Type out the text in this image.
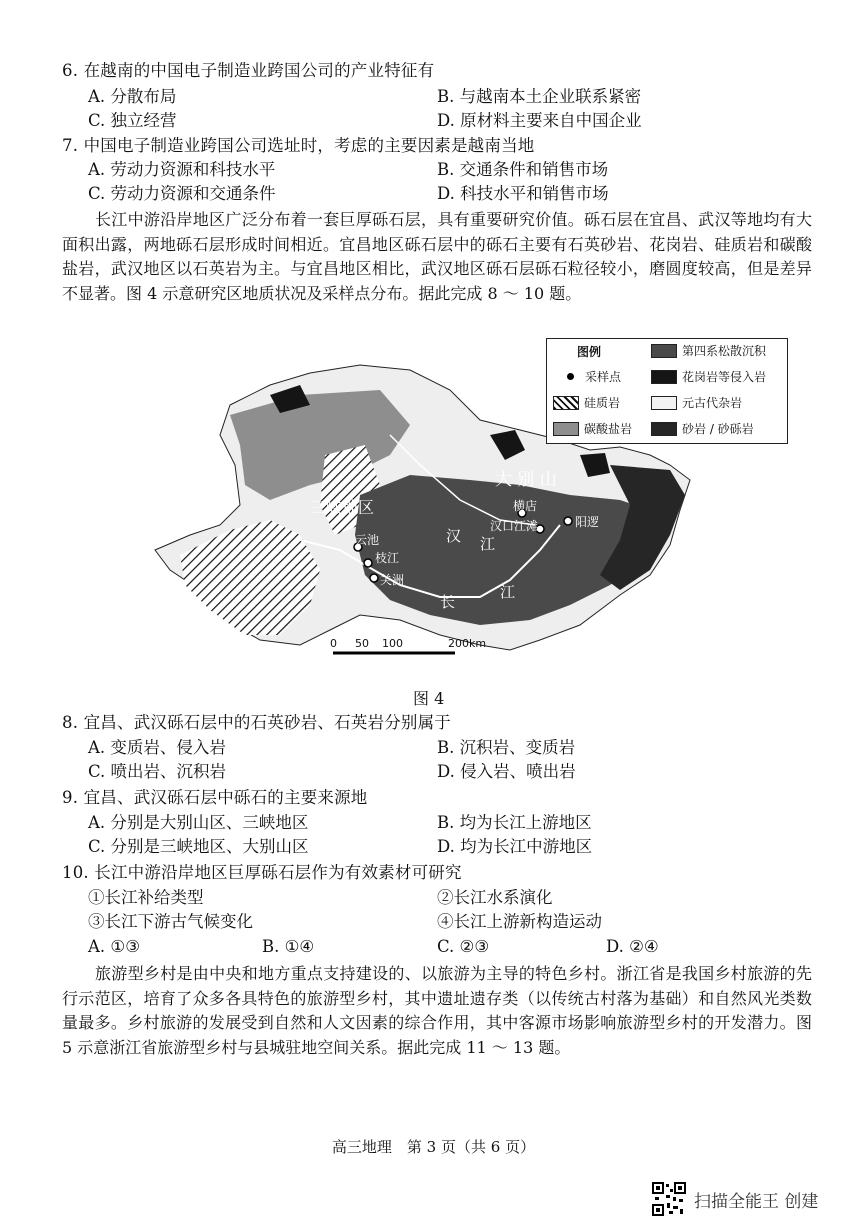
6. 在越南的中国电子制造业跨国公司的产业特征有
A. 分散布局	B. 与越南本土企业联系紧密
C. 独立经营	D. 原材料主要来自中国企业
7. 中国电子制造业跨国公司选址时，考虑的主要因素是越南当地
A. 劳动力资源和科技水平	B. 交通条件和销售市场
C. 劳动力资源和交通条件	D. 科技水平和销售市场
长江中游沿岸地区广泛分布着一套巨厚砾石层，具有重要研究价值。砾石层在宜昌、武汉等地均有大面积出露，两地砾石层形成时间相近。宜昌地区砾石层中的砾石主要有石英砂岩、花岗岩、硅质岩和碳酸盐岩，武汉地区以石英岩为主。与宜昌地区相比，武汉地区砾石层砾石粒径较小，磨圆度较高，但是差异不显著。图 4 示意研究区地质状况及采样点分布。据此完成 8 ～ 10 题。
大 别 山
三峡地区	横店
汉口江滩	阳逻
汉 江
云池
枝江
关洲
长
江
0 50 100	200km
图例	第四系松散沉积
采样点	花岗岩等侵入岩
硅质岩	元古代杂岩
碳酸盐岩	砂岩 / 砂砾岩
图 4
8. 宜昌、武汉砾石层中的石英砂岩、石英岩分别属于
A. 变质岩、侵入岩	B. 沉积岩、变质岩
C. 喷出岩、沉积岩	D. 侵入岩、喷出岩
9. 宜昌、武汉砾石层中砾石的主要来源地
A. 分别是大别山区、三峡地区	B. 均为长江上游地区
C. 分别是三峡地区、大别山区	D. 均为长江中游地区
10. 长江中游沿岸地区巨厚砾石层作为有效素材可研究
①长江补给类型	②长江水系演化
③长江下游古气候变化	④长江上游新构造运动
A. ①③	B. ①④	C. ②③	D. ②④
旅游型乡村是由中央和地方重点支持建设的、以旅游为主导的特色乡村。浙江省是我国乡村旅游的先行示范区，培育了众多各具特色的旅游型乡村，其中遗址遗存类（以传统古村落为基础）和自然风光类数量最多。乡村旅游的发展受到自然和人文因素的综合作用，其中客源市场影响旅游型乡村的开发潜力。图 5 示意浙江省旅游型乡村与县城驻地空间关系。据此完成 11 ～ 13 题。
高三地理　第 3 页（共 6 页）
扫描全能王 创建
